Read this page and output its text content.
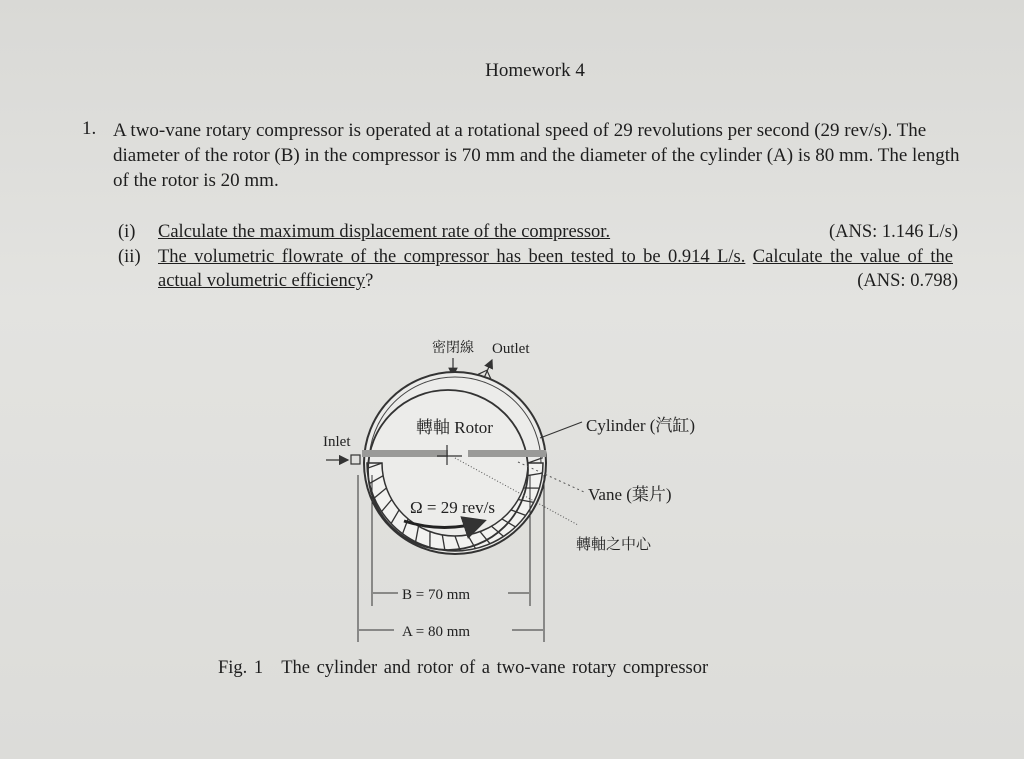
Homework 4
1. A two-vane rotary compressor is operated at a rotational speed of 29 revolutions per second (29 rev/s). The diameter of the rotor (B) in the compressor is 70 mm and the diameter of the cylinder (A) is 80 mm. The length of the rotor is 20 mm.
(i) Calculate the maximum displacement rate of the compressor.	(ANS: 1.146 L/s)
(ii) The volumetric flowrate of the compressor has been tested to be 0.914 L/s. Calculate the value of the actual volumetric efficiency?	(ANS: 0.798)
密閉線 Outlet
Inlet
轉軸 Rotor
Ω = 29 rev/s
Cylinder (汽缸)
Vane (葉片)
轉軸之中心
B = 70 mm
A = 80 mm
Fig. 1 The cylinder and rotor of a two-vane rotary compressor
